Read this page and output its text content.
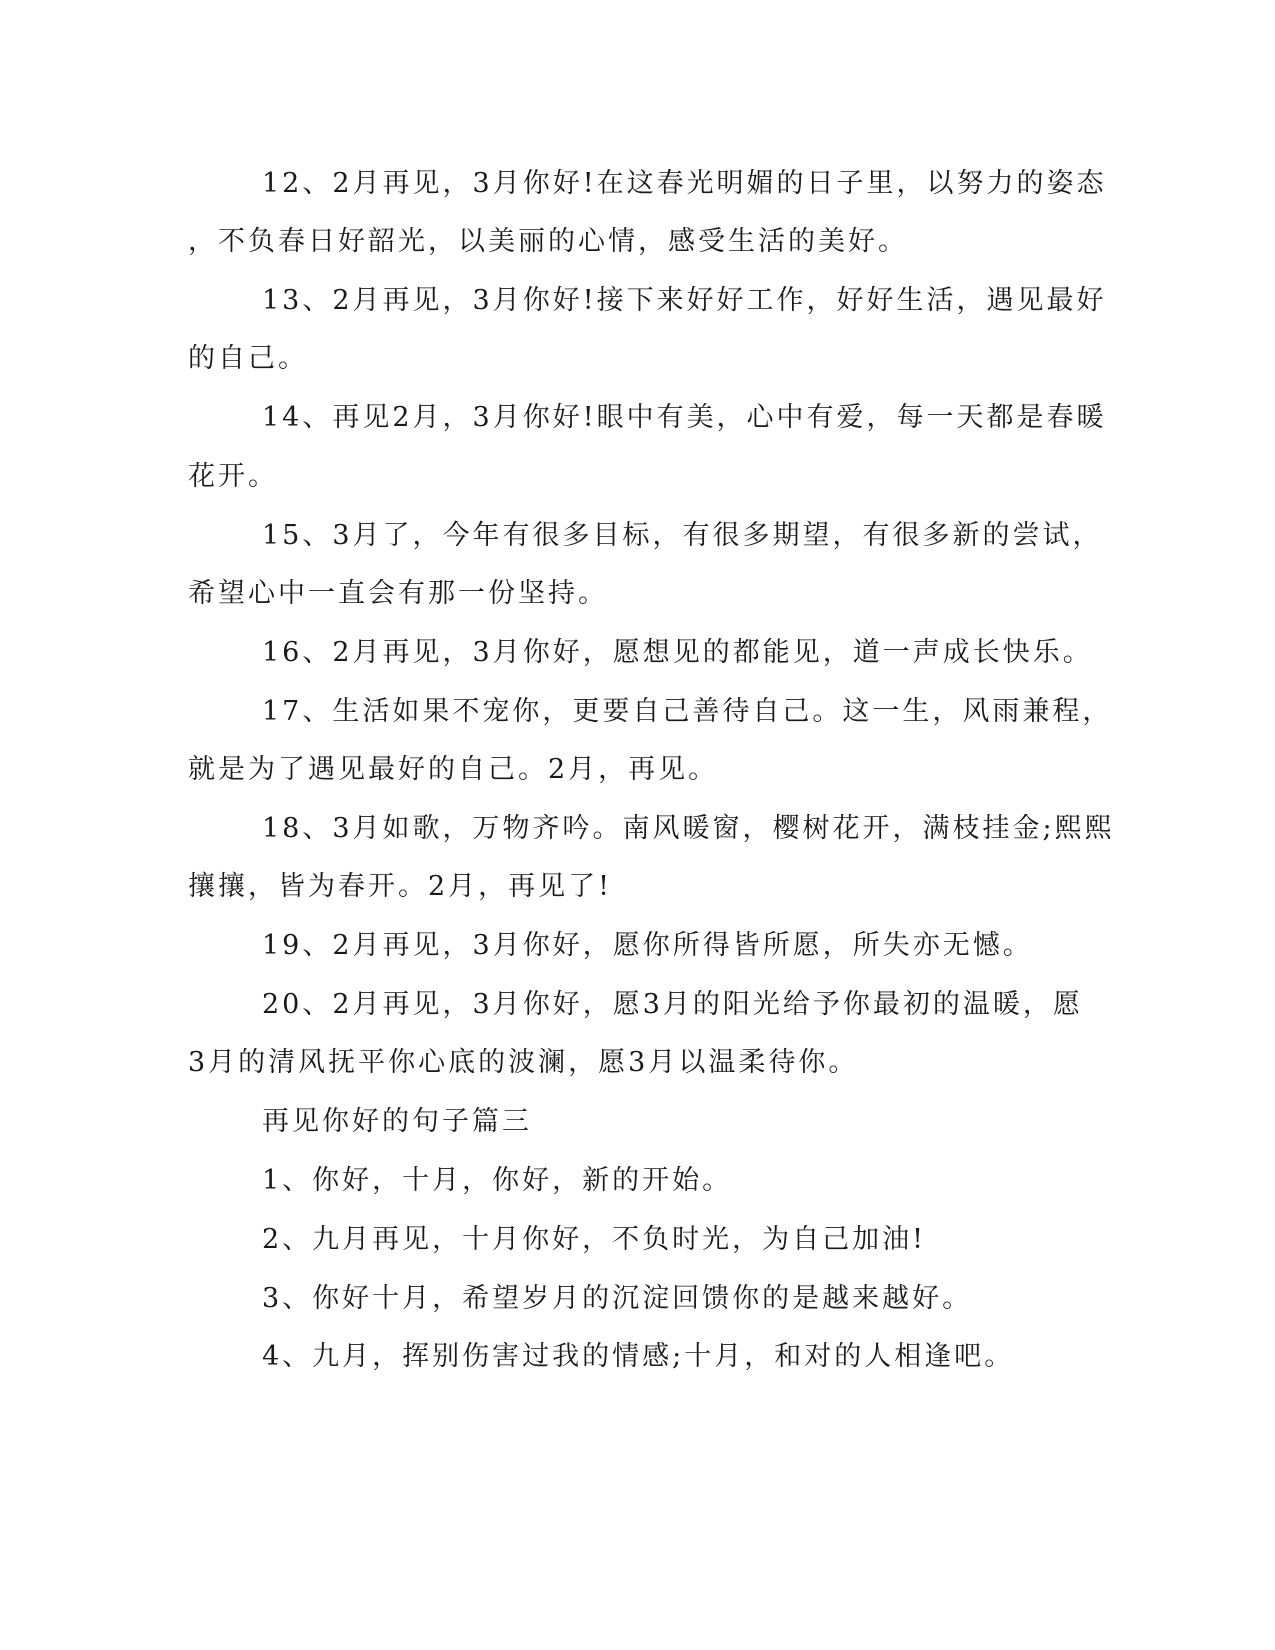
12、2月再见，3月你好!在这春光明媚的日子里，以努力的姿态
，不负春日好韶光，以美丽的心情，感受生活的美好。
13、2月再见，3月你好!接下来好好工作，好好生活，遇见最好
的自己。
14、再见2月，3月你好!眼中有美，心中有爱，每一天都是春暖
花开。
15、3月了，今年有很多目标，有很多期望，有很多新的尝试，
希望心中一直会有那一份坚持。
16、2月再见，3月你好，愿想见的都能见，道一声成长快乐。
17、生活如果不宠你，更要自己善待自己。这一生，风雨兼程，
就是为了遇见最好的自己。2月，再见。
18、3月如歌，万物齐吟。南风暖窗，樱树花开，满枝挂金;熙熙
攘攘，皆为春开。2月，再见了!
19、2月再见，3月你好，愿你所得皆所愿，所失亦无憾。
20、2月再见，3月你好，愿3月的阳光给予你最初的温暖，愿
3月的清风抚平你心底的波澜，愿3月以温柔待你。
再见你好的句子篇三
1、你好，十月，你好，新的开始。
2、九月再见，十月你好，不负时光，为自己加油!
3、你好十月，希望岁月的沉淀回馈你的是越来越好。
4、九月，挥别伤害过我的情感;十月，和对的人相逢吧。
